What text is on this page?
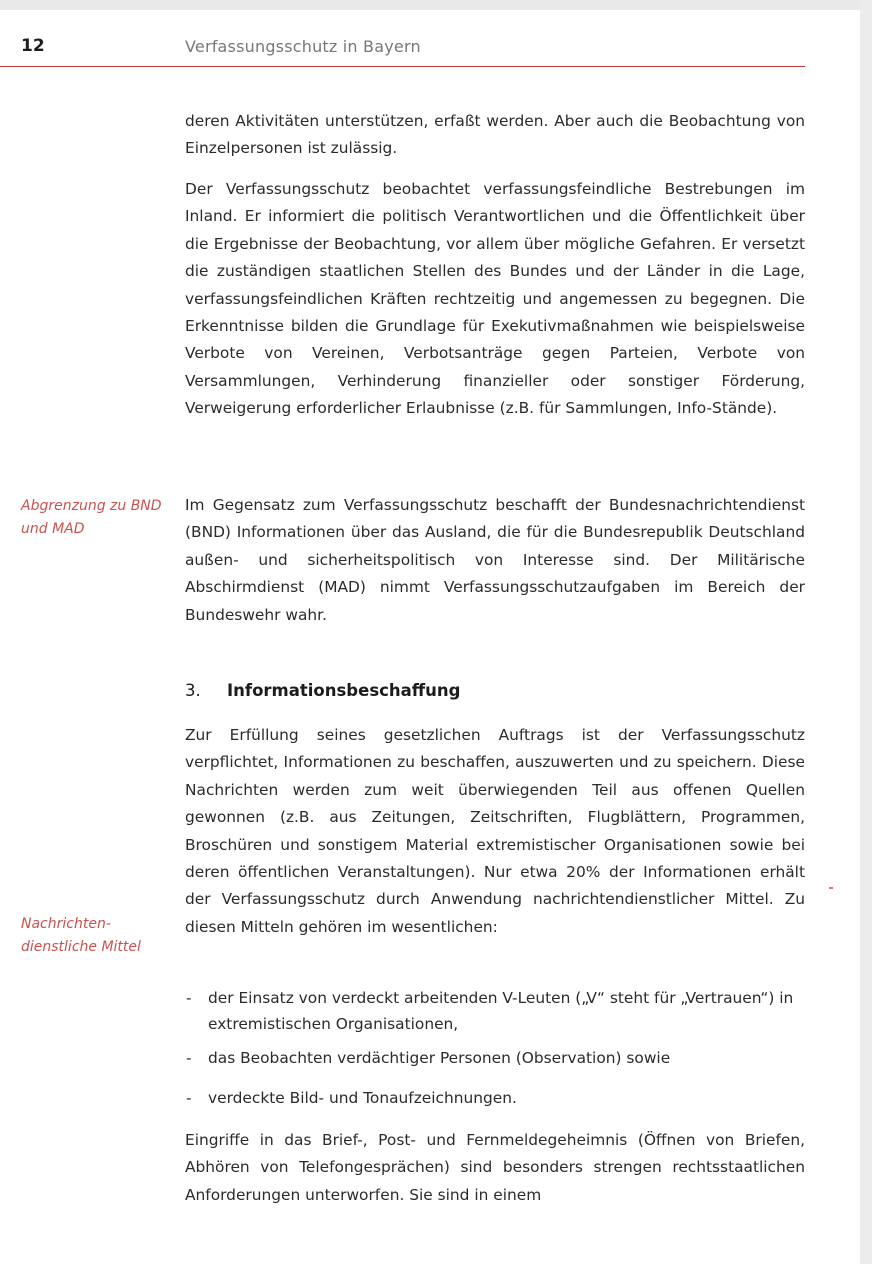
12	Verfassungsschutz in Bayern

deren Aktivitäten unterstützen, erfaßt werden. Aber auch die Beobachtung von Einzelpersonen ist zulässig.

Der Verfassungsschutz beobachtet verfassungsfeindliche Bestrebungen im Inland. Er informiert die politisch Verantwortlichen und die Öffentlichkeit über die Ergebnisse der Beobachtung, vor allem über mögliche Gefahren. Er versetzt die zuständigen staatlichen Stellen des Bundes und der Länder in die Lage, verfassungsfeindlichen Kräften rechtzeitig und angemessen zu begegnen. Die Erkenntnisse bilden die Grundlage für Exekutivmaßnahmen wie beispielsweise Verbote von Vereinen, Verbotsanträge gegen Parteien, Verbote von Versammlungen, Verhinderung finanzieller oder sonstiger Förderung, Verweigerung erforderlicher Erlaubnisse (z.B. für Sammlungen, Info-Stände).

Abgrenzung zu BND und MAD

Im Gegensatz zum Verfassungsschutz beschafft der Bundesnachrichtendienst (BND) Informationen über das Ausland, die für die Bundesrepublik Deutschland außen- und sicherheitspolitisch von Interesse sind. Der Militärische Abschirmdienst (MAD) nimmt Verfassungsschutzaufgaben im Bereich der Bundeswehr wahr.

3. Informationsbeschaffung

Zur Erfüllung seines gesetzlichen Auftrags ist der Verfassungsschutz verpflichtet, Informationen zu beschaffen, auszuwerten und zu speichern. Diese Nachrichten werden zum weit überwiegenden Teil aus offenen Quellen gewonnen (z.B. aus Zeitungen, Zeitschriften, Flugblättern, Programmen, Broschüren und sonstigem Material extremistischer Organisationen sowie bei deren öffentlichen Veranstaltungen). Nur etwa 20% der Informationen erhält der Verfassungsschutz durch Anwendung nachrichtendienstlicher Mittel. Zu diesen Mitteln gehören im wesentlichen:

Nachrichten-dienstliche Mittel

- der Einsatz von verdeckt arbeitenden V-Leuten („V“ steht für „Vertrauen“) in extremistischen Organisationen,
- das Beobachten verdächtiger Personen (Observation) sowie
- verdeckte Bild- und Tonaufzeichnungen.

Eingriffe in das Brief-, Post- und Fernmeldegeheimnis (Öffnen von Briefen, Abhören von Telefongesprächen) sind besonders strengen rechtsstaatlichen Anforderungen unterworfen. Sie sind in einem
